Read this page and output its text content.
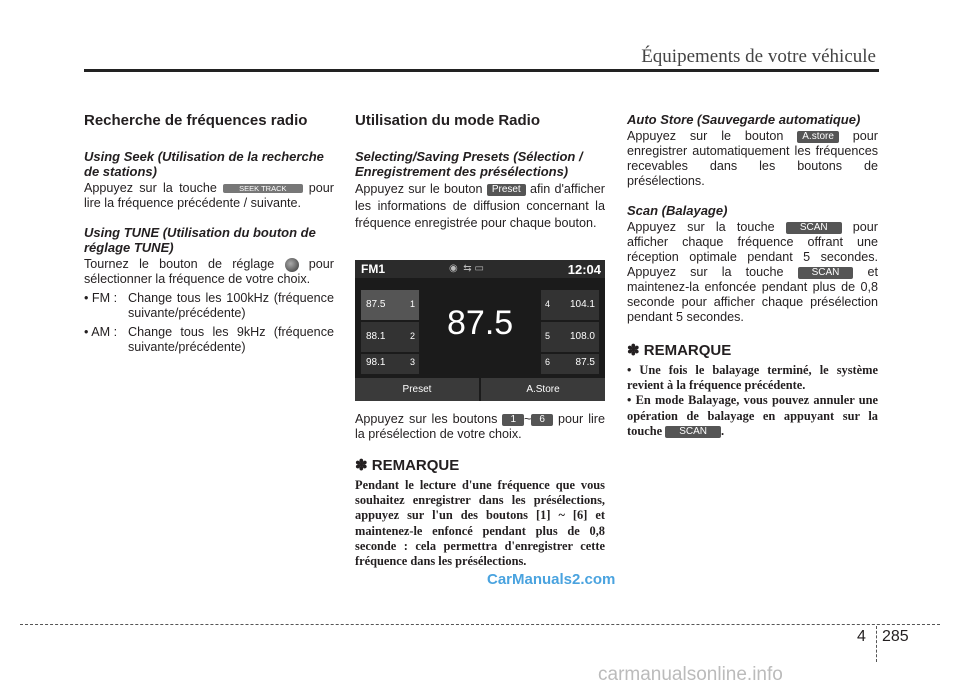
Équipements de votre véhicule
Recherche de fréquences radio
Using Seek (Utilisation de la recherche de stations)

Appuyez sur la touche	SEEK TRACK pour lire la fréquence précédente / suivante.

Using TUNE (Utilisation du bouton de réglage TUNE)

Tournez le bouton de réglage	pour sélectionner la fréquence de votre choix.

• FM : Change tous les 100kHz (fréquence suivante/précédente)
• AM : Change tous les 9kHz (fréquence suivante/précédente)
Utilisation du mode Radio
Selecting/Saving Presets (Sélection / Enregistrement des présélections)

Appuyez sur le bouton Preset afin d'afficher les informations de diffusion concernant la fréquence enregistrée pour chaque bouton.

FM1	◉  ⇆ ▭	12:04
87.5	1
88.1	2
98.1	3
87.5	4 104.1
5 108.0
6	87.5
Preset	A.Store

Appuyez sur les boutons 1 ~ 6 pour lire la présélection de votre choix.

✽ REMARQUE
Pendant le lecture d'une fréquence que vous souhaitez enregistrer dans les présélections, appuyez sur l'un des boutons [1] ~ [6] et maintenez-le enfoncé pendant plus de 0,8 seconde : cela permettra d'enregistrer cette fréquence dans les présélections.
Auto Store (Sauvegarde automatique)

Appuyez sur le bouton A.store pour enregistrer automatiquement les fréquences recevables dans les boutons de présélections.

Scan (Balayage)

Appuyez sur la touche	SCAN pour afficher chaque fréquence offrant une réception optimale pendant 5 secondes. Appuyez sur la touche	SCAN et maintenez-la enfoncée pendant plus de 0,8 seconde pour afficher chaque présélection pendant 5 secondes.

✽ REMARQUE
• Une fois le balayage terminé, le système revient à la fréquence précédente.
• En mode Balayage, vous pouvez annuler une opération de balayage en appuyant sur la touche SCAN .
CarManuals2.com
4 285
carmanualsonline.info
